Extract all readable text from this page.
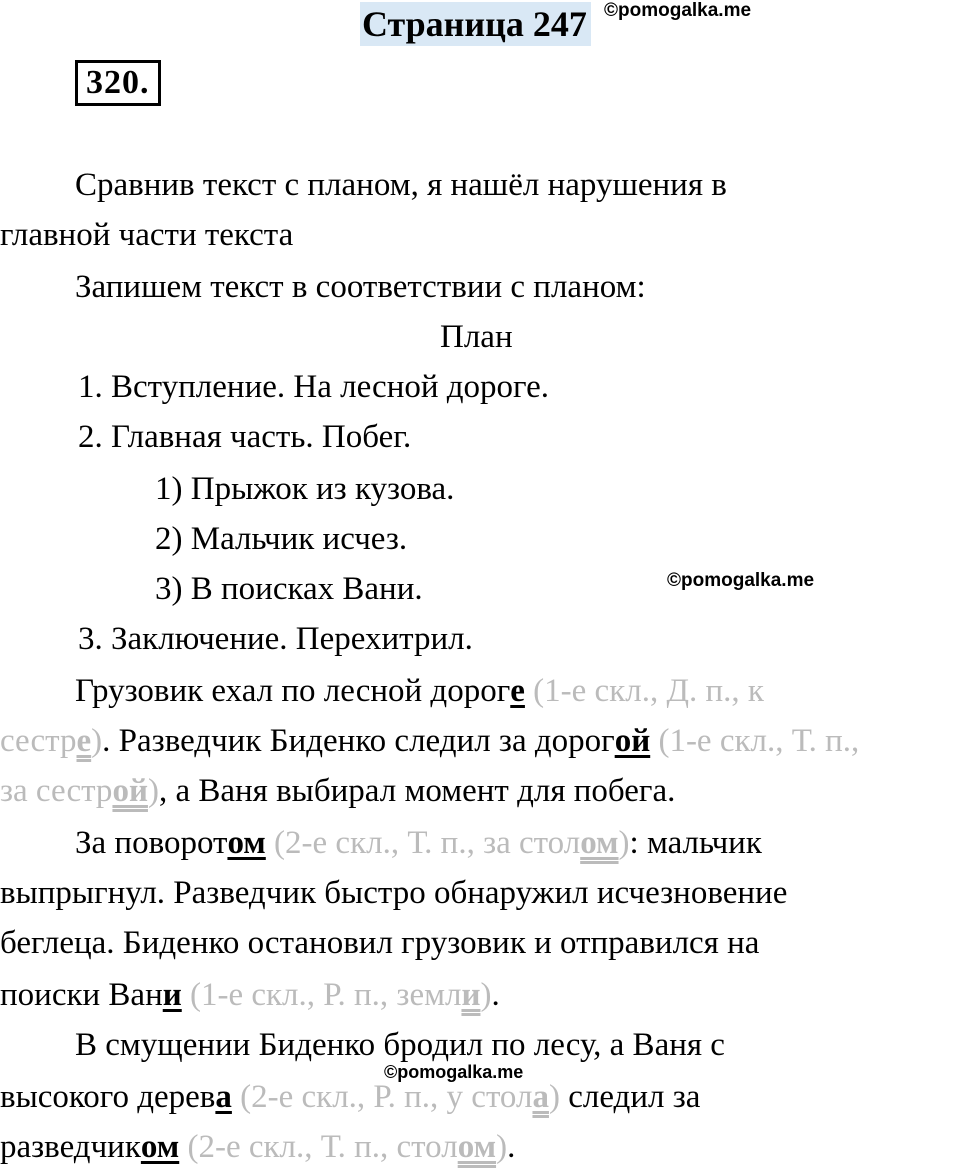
Страница 247 ©pomogalka.me
320.
Сравнив текст с планом, я нашёл нарушения в
главной части текста
Запишем текст в соответствии с планом:
План
1. Вступление. На лесной дороге.
2. Главная часть. Побег.
1) Прыжок из кузова.
2) Мальчик исчез.
3) В поисках Вани.	©pomogalka.me
3. Заключение. Перехитрил.
Грузовик ехал по лесной дороге (1-е скл., Д. п., к
сестре). Разведчик Биденко следил за дорогой (1-е скл., Т. п.,
за сестрой), а Ваня выбирал момент для побега.
За поворотом (2-е скл., Т. п., за столом): мальчик
выпрыгнул. Разведчик быстро обнаружил исчезновение
беглеца. Биденко остановил грузовик и отправился на
поиски Вани (1-е скл., Р. п., земли).
В смущении Биденко бродил по лесу, а Ваня с
©pomogalka.me
высокого дерева (2-е скл., Р. п., у стола) следил за
разведчиком (2-е скл., Т. п., столом).
